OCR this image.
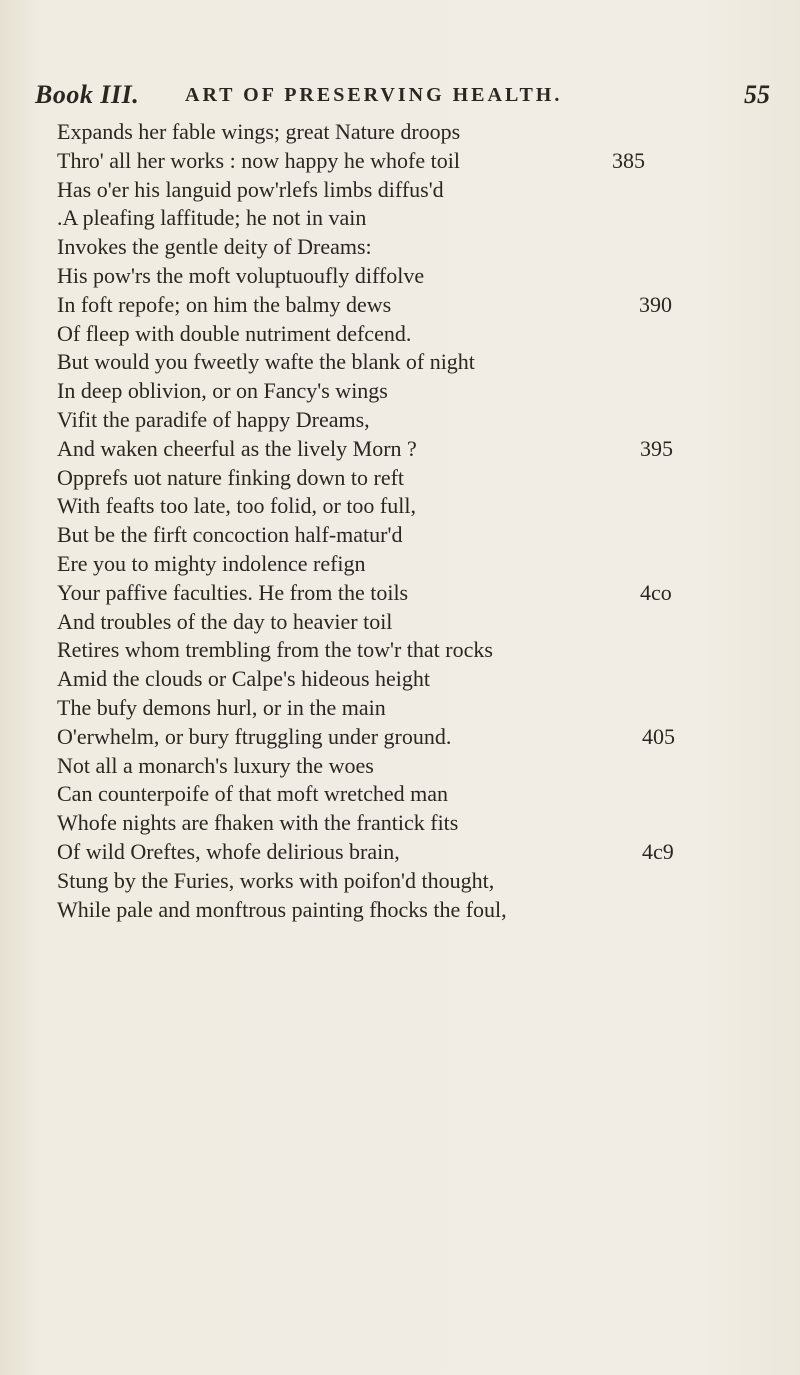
Book III. ART OF PRESERVING HEALTH.	55
Expands her fable wings; great Nature droops
Thro' all her works : now happy he whofe toil	385
Has o'er his languid pow'rlefs limbs diffus'd
.A pleafing laffitude; he not in vain
Invokes the gentle deity of Dreams:
His pow'rs the moft voluptuoufly diffolve
In foft repofe; on him the balmy dews	390
Of fleep with double nutriment defcend.
But would you fweetly wafte the blank of night
In deep oblivion, or on Fancy's wings
Vifit the paradife of happy Dreams,
And waken cheerful as the lively Morn ?	395
Opprefs uot nature finking down to reft
With feafts too late, too folid, or too full,
But be the firft concoction half-matur'd
Ere you to mighty indolence refign
Your paffive faculties. He from the toils	4co
And troubles of the day to heavier toil
Retires whom trembling from the tow'r that rocks
Amid the clouds or Calpe's hideous height
The bufy demons hurl, or in the main
O'erwhelm, or bury ftruggling under ground.	405
Not all a monarch's luxury the woes
Can counterpoife of that moft wretched man
Whofe nights are fhaken with the frantick fits
Of wild Oreftes, whofe delirious brain,	4c9
Stung by the Furies, works with poifon'd thought,
While pale and monftrous painting fhocks the foul,
